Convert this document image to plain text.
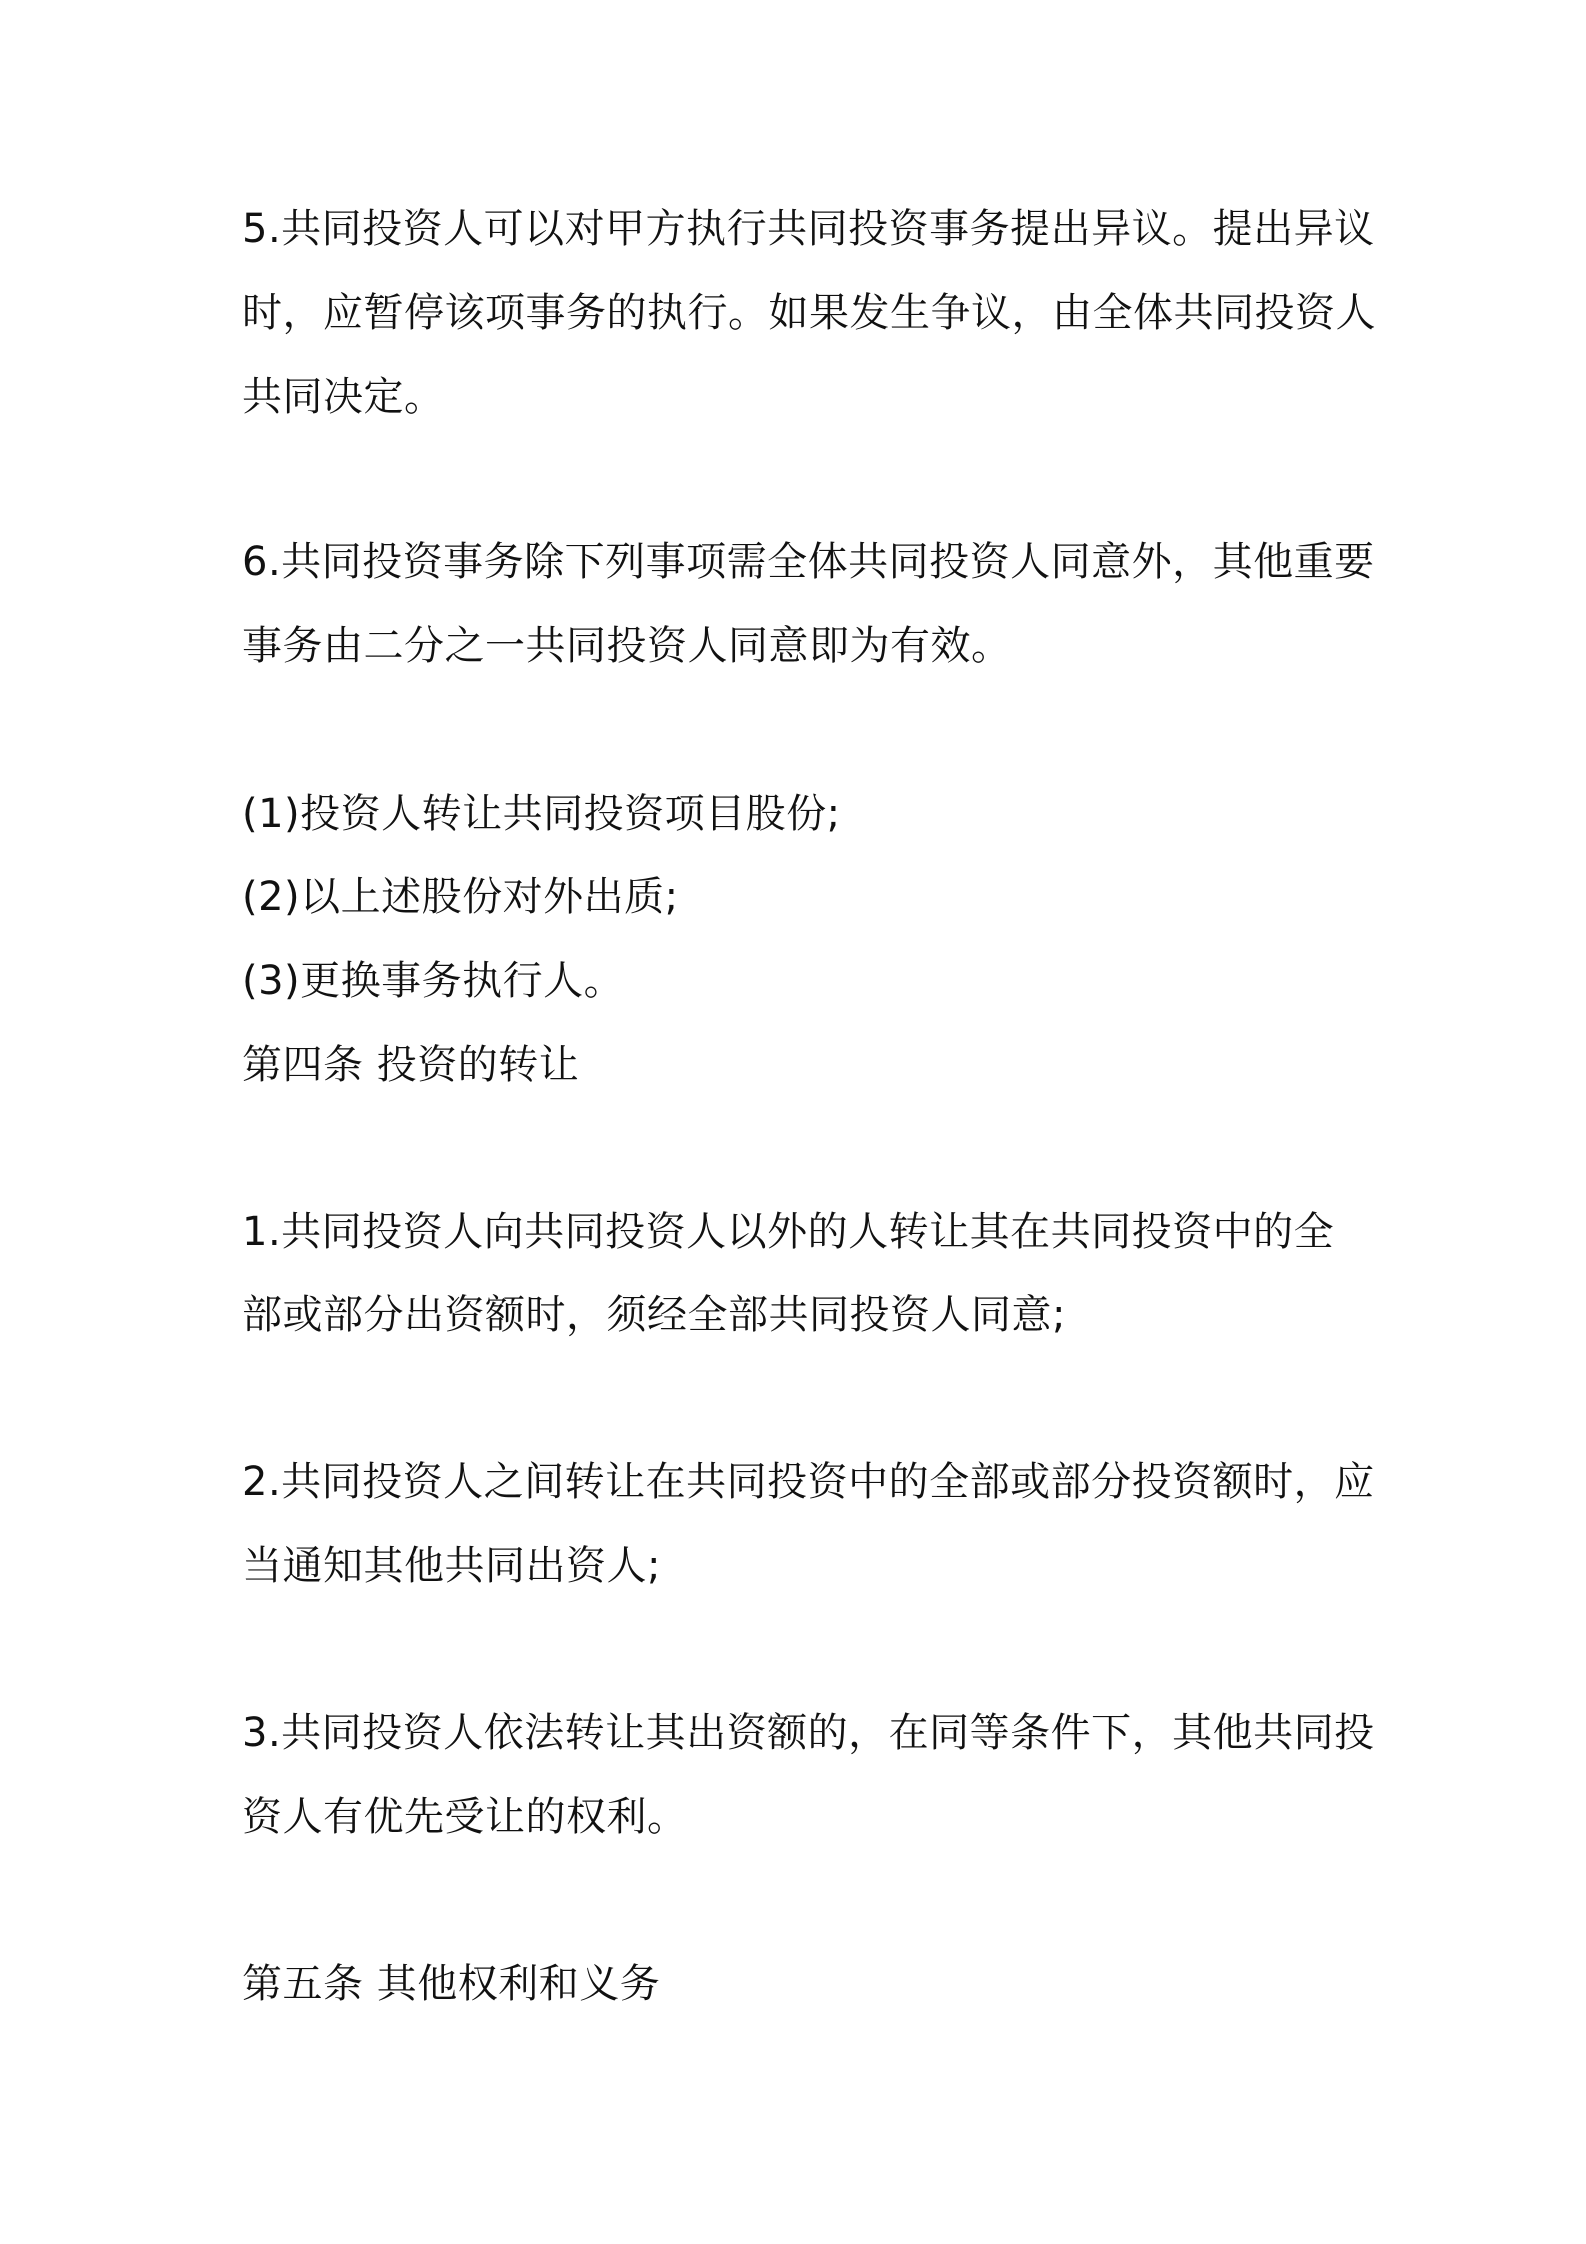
5.共同投资人可以对甲方执行共同投资事务提出异议。提出异议
时，应暂停该项事务的执行。如果发生争议，由全体共同投资人
共同决定。
6.共同投资事务除下列事项需全体共同投资人同意外，其他重要
事务由二分之一共同投资人同意即为有效。
(1)投资人转让共同投资项目股份;
(2)以上述股份对外出质;
(3)更换事务执行人。
第四条 投资的转让
1.共同投资人向共同投资人以外的人转让其在共同投资中的全
部或部分出资额时，须经全部共同投资人同意;
2.共同投资人之间转让在共同投资中的全部或部分投资额时，应
当通知其他共同出资人;
3.共同投资人依法转让其出资额的，在同等条件下，其他共同投
资人有优先受让的权利。
第五条 其他权利和义务
